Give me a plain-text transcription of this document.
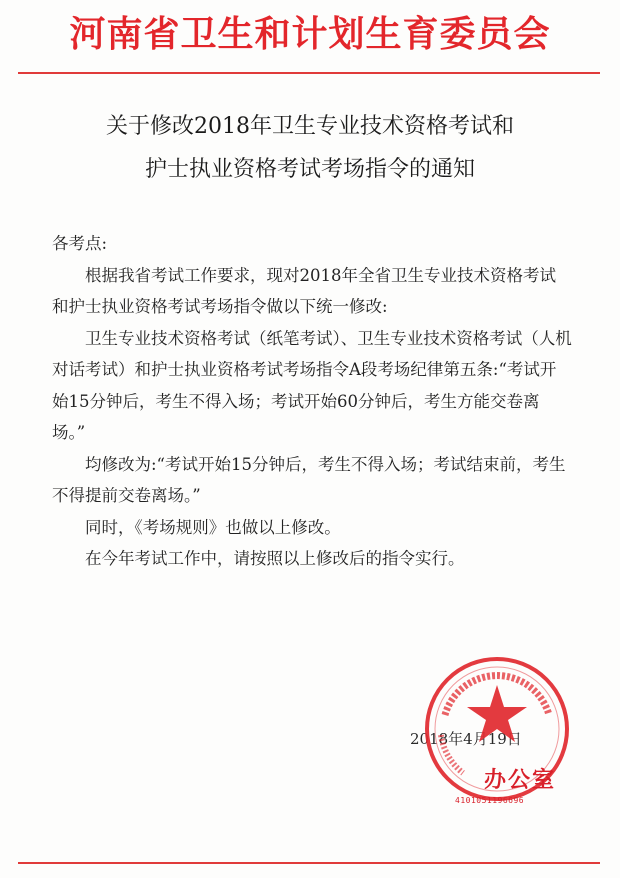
河南省卫生和计划生育委员会
关于修改2018年卫生专业技术资格考试和
护士执业资格考试考场指令的通知

各考点:

根据我省考试工作要求，现对2018年全省卫生专业技术资格考试和护士执业资格考试考场指令做以下统一修改:

卫生专业技术资格考试（纸笔考试）、卫生专业技术资格考试（人机对话考试）和护士执业资格考试考场指令A段考场纪律第五条:“考试开始15分钟后，考生不得入场；考试开始60分钟后，考生方能交卷离场。”

均修改为:“考试开始15分钟后，考生不得入场；考试结束前，考生不得提前交卷离场。”

同时，《考场规则》也做以上修改。

在今年考试工作中，请按照以上修改后的指令实行。

2018年4月19日
办公室
4101051196696
